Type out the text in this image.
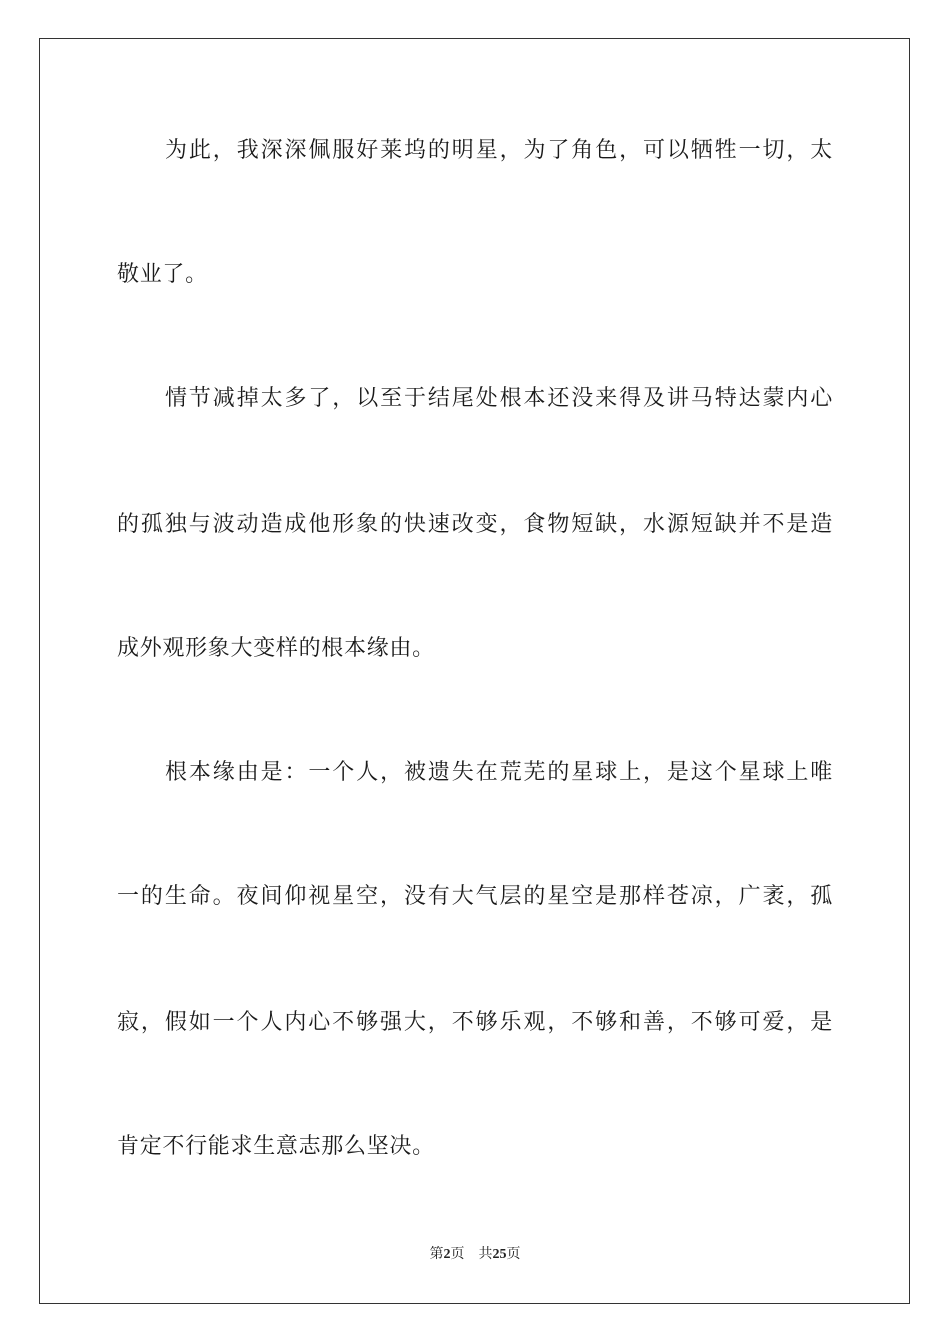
为此，我深深佩服好莱坞的明星，为了角色，可以牺牲一切，太
敬业了。
情节减掉太多了，以至于结尾处根本还没来得及讲马特达蒙内心
的孤独与波动造成他形象的快速改变，食物短缺，水源短缺并不是造
成外观形象大变样的根本缘由。
根本缘由是：一个人，被遗失在荒芜的星球上，是这个星球上唯
一的生命。夜间仰视星空，没有大气层的星空是那样苍凉，广袤，孤
寂，假如一个人内心不够强大，不够乐观，不够和善，不够可爱，是
肯定不行能求生意志那么坚决。
第2页 共25页
